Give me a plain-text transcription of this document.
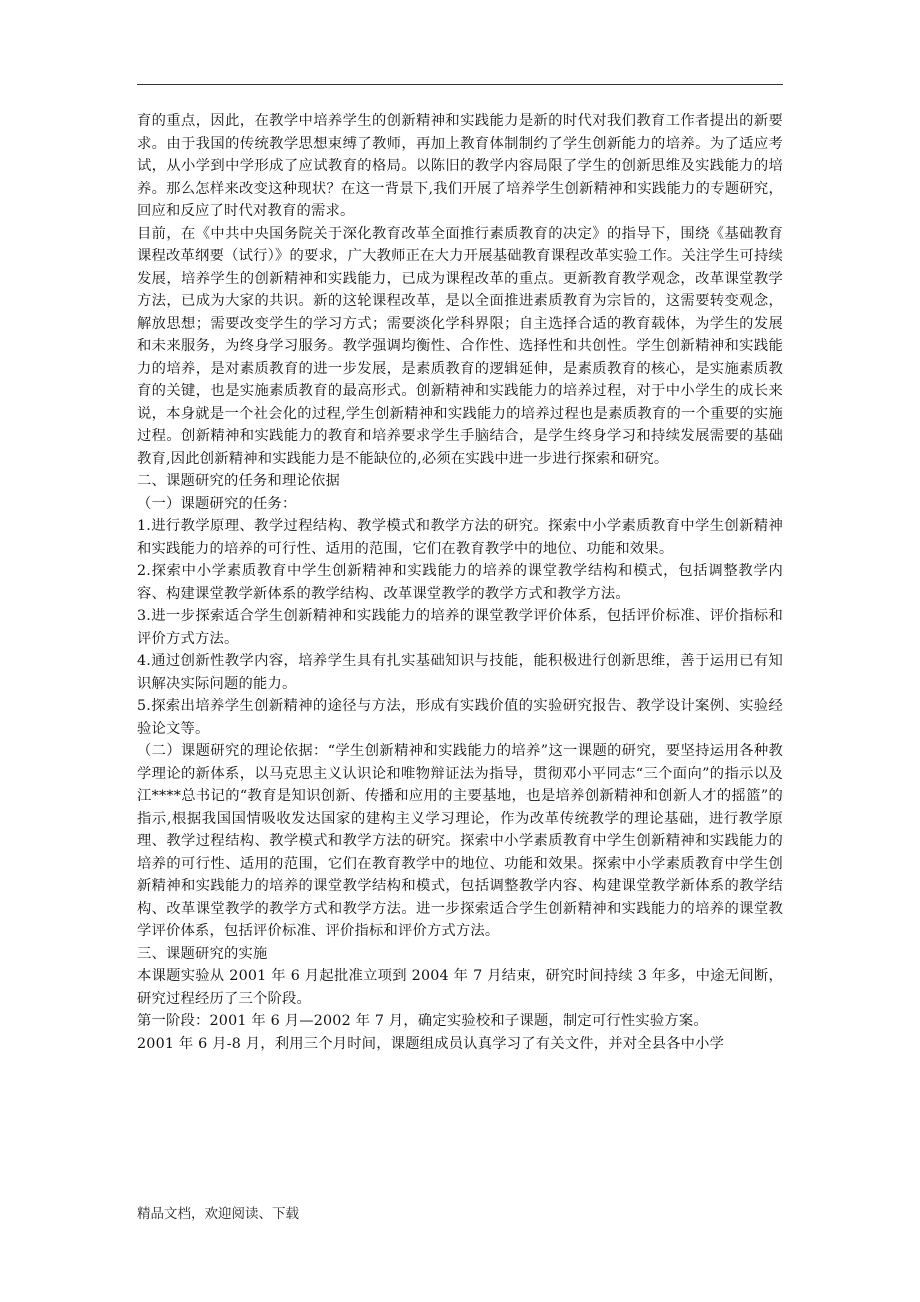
育的重点，因此，在教学中培养学生的创新精神和实践能力是新的时代对我们教育工作者提出的新要求。由于我国的传统教学思想束缚了教师，再加上教育体制制约了学生创新能力的培养。为了适应考试，从小学到中学形成了应试教育的格局。以陈旧的教学内容局限了学生的创新思维及实践能力的培养。那么怎样来改变这种现状？在这一背景下,我们开展了培养学生创新精神和实践能力的专题研究，回应和反应了时代对教育的需求。

目前，在《中共中央国务院关于深化教育改革全面推行素质教育的决定》的指导下，围绕《基础教育课程改革纲要（试行）》的要求，广大教师正在大力开展基础教育课程改革实验工作。关注学生可持续发展，培养学生的创新精神和实践能力，已成为课程改革的重点。更新教育教学观念，改革课堂教学方法，已成为大家的共识。新的这轮课程改革，是以全面推进素质教育为宗旨的，这需要转变观念，解放思想；需要改变学生的学习方式；需要淡化学科界限；自主选择合适的教育载体，为学生的发展和未来服务，为终身学习服务。教学强调均衡性、合作性、选择性和共创性。学生创新精神和实践能力的培养，是对素质教育的进一步发展，是素质教育的逻辑延伸，是素质教育的核心，是实施素质教育的关键，也是实施素质教育的最高形式。创新精神和实践能力的培养过程，对于中小学生的成长来说，本身就是一个社会化的过程,学生创新精神和实践能力的培养过程也是素质教育的一个重要的实施过程。创新精神和实践能力的教育和培养要求学生手脑结合，是学生终身学习和持续发展需要的基础教育,因此创新精神和实践能力是不能缺位的,必须在实践中进一步进行探索和研究。

二、课题研究的任务和理论依据

（一）课题研究的任务：

1.进行教学原理、教学过程结构、教学模式和教学方法的研究。探索中小学素质教育中学生创新精神和实践能力的培养的可行性、适用的范围，它们在教育教学中的地位、功能和效果。

2.探索中小学素质教育中学生创新精神和实践能力的培养的课堂教学结构和模式，包括调整教学内容、构建课堂教学新体系的教学结构、改革课堂教学的教学方式和教学方法。

3.进一步探索适合学生创新精神和实践能力的培养的课堂教学评价体系，包括评价标准、评价指标和评价方式方法。

4.通过创新性教学内容，培养学生具有扎实基础知识与技能，能积极进行创新思维，善于运用已有知识解决实际问题的能力。

5.探索出培养学生创新精神的途径与方法，形成有实践价值的实验研究报告、教学设计案例、实验经验论文等。

（二）课题研究的理论依据：“学生创新精神和实践能力的培养”这一课题的研究，要坚持运用各种教学理论的新体系，以马克思主义认识论和唯物辩证法为指导，贯彻邓小平同志“三个面向”的指示以及江****总书记的“教育是知识创新、传播和应用的主要基地，也是培养创新精神和创新人才的摇篮”的指示,根据我国国情吸收发达国家的建构主义学习理论，作为改革传统教学的理论基础，进行教学原理、教学过程结构、教学模式和教学方法的研究。探索中小学素质教育中学生创新精神和实践能力的培养的可行性、适用的范围，它们在教育教学中的地位、功能和效果。探索中小学素质教育中学生创新精神和实践能力的培养的课堂教学结构和模式，包括调整教学内容、构建课堂教学新体系的教学结构、改革课堂教学的教学方式和教学方法。进一步探索适合学生创新精神和实践能力的培养的课堂教学评价体系，包括评价标准、评价指标和评价方式方法。

三、课题研究的实施

本课题实验从 2001 年 6 月起批准立项到 2004 年 7 月结束，研究时间持续 3 年多，中途无间断，研究过程经历了三个阶段。

第一阶段：2001 年 6 月—2002 年 7 月，确定实验校和子课题，制定可行性实验方案。

2001 年 6 月-8 月，利用三个月时间，课题组成员认真学习了有关文件，并对全县各中小学

精品文档，欢迎阅读、下载
